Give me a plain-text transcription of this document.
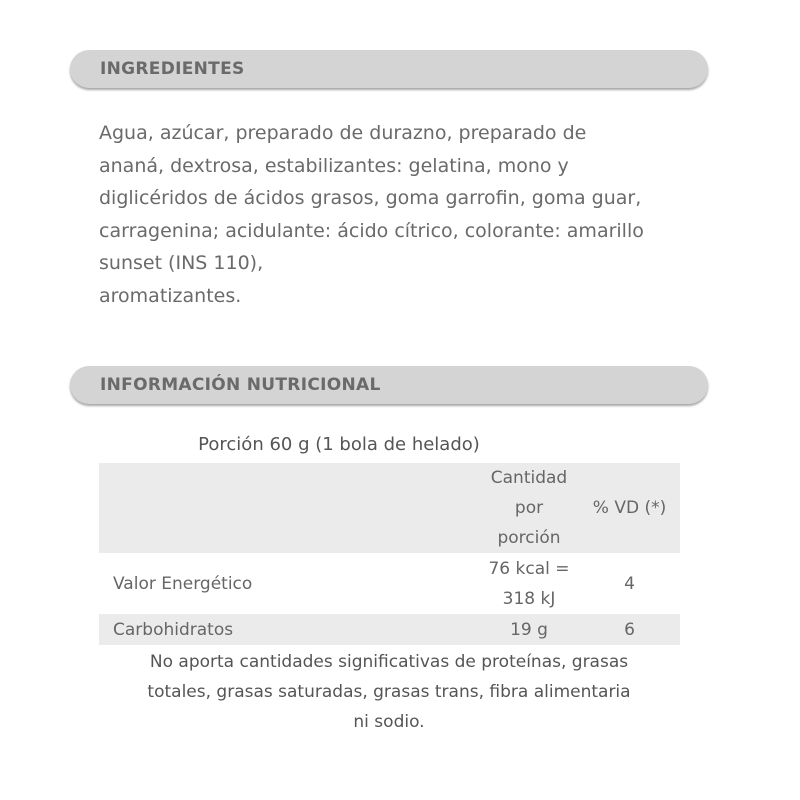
INGREDIENTES
Agua, azúcar, preparado de durazno, preparado de
ananá, dextrosa, estabilizantes: gelatina, mono y
diglicéridos de ácidos grasos, goma garrofin, goma guar,
carragenina; acidulante: ácido cítrico, colorante: amarillo
sunset (INS 110),
aromatizantes.
INFORMACIÓN NUTRICIONAL
Porción 60 g (1 bola de helado)

	Cantidad
por
porción	% VD (*)
Valor Energético	76 kcal =
318 kJ	4
Carbohidratos	19 g	6
No aporta cantidades significativas de proteínas, grasas
totales, grasas saturadas, grasas trans, fibra alimentaria
ni sodio.
